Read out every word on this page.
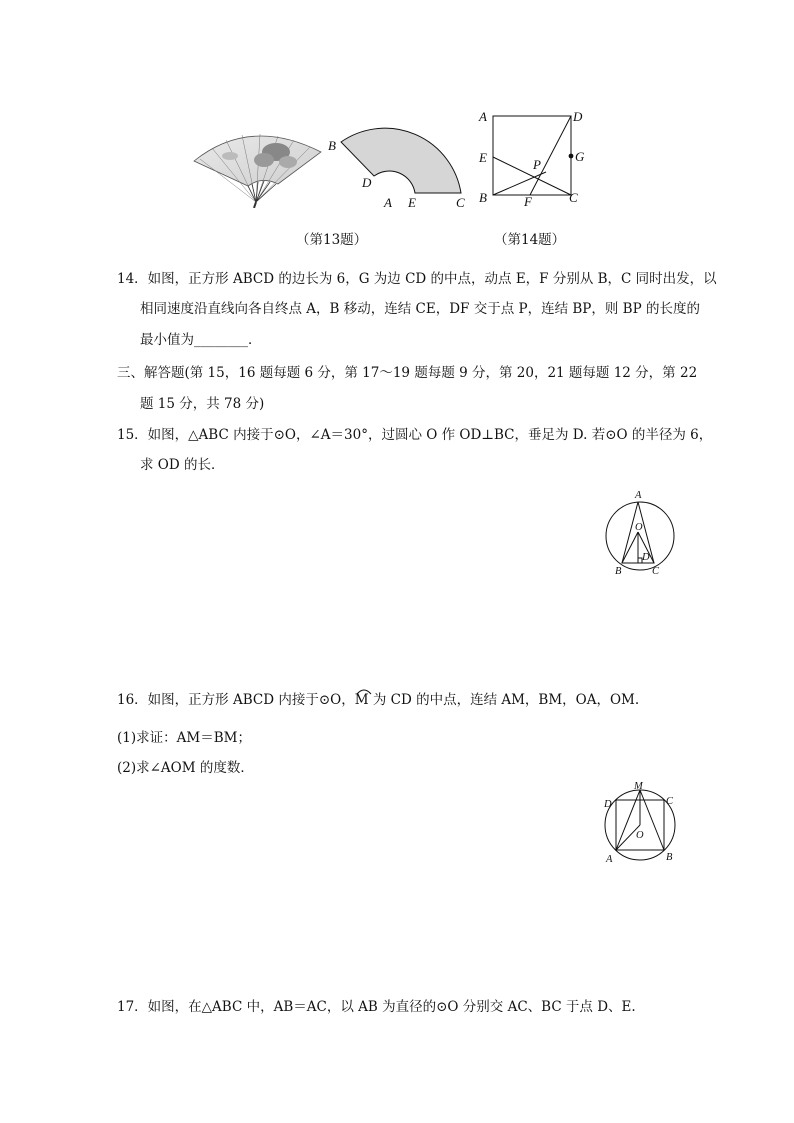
B
D
A E	C
A	D
E	G
P
B	F	C
（第13题）	（第14题）
14．如图，正方形 ABCD 的边长为 6，G 为边 CD 的中点，动点 E，F 分别从 B，C 同时出发，以
相同速度沿直线向各自终点 A，B 移动，连结 CE，DF 交于点 P，连结 BP，则 BP 的长度的
最小值为________．
三、解答题(第 15，16 题每题 6 分，第 17～19 题每题 9 分，第 20，21 题每题 12 分，第 22
题 15 分，共 78 分)
15．如图，△ABC 内接于⊙O，∠A＝30°，过圆心 O 作 OD⊥BC，垂足为 D. 若⊙O 的半径为 6，
求 OD 的长．
A
O
D
B	C
16．如图，正方形 ABCD 内接于⊙O，M 为 CD 的中点，连结 AM，BM，OA，OM.
(1)求证：AM＝BM；
(2)求∠AOM 的度数．
M
D	C
O
A	B
17．如图，在△ABC 中，AB＝AC，以 AB 为直径的⊙O 分别交 AC、BC 于点 D、E.
